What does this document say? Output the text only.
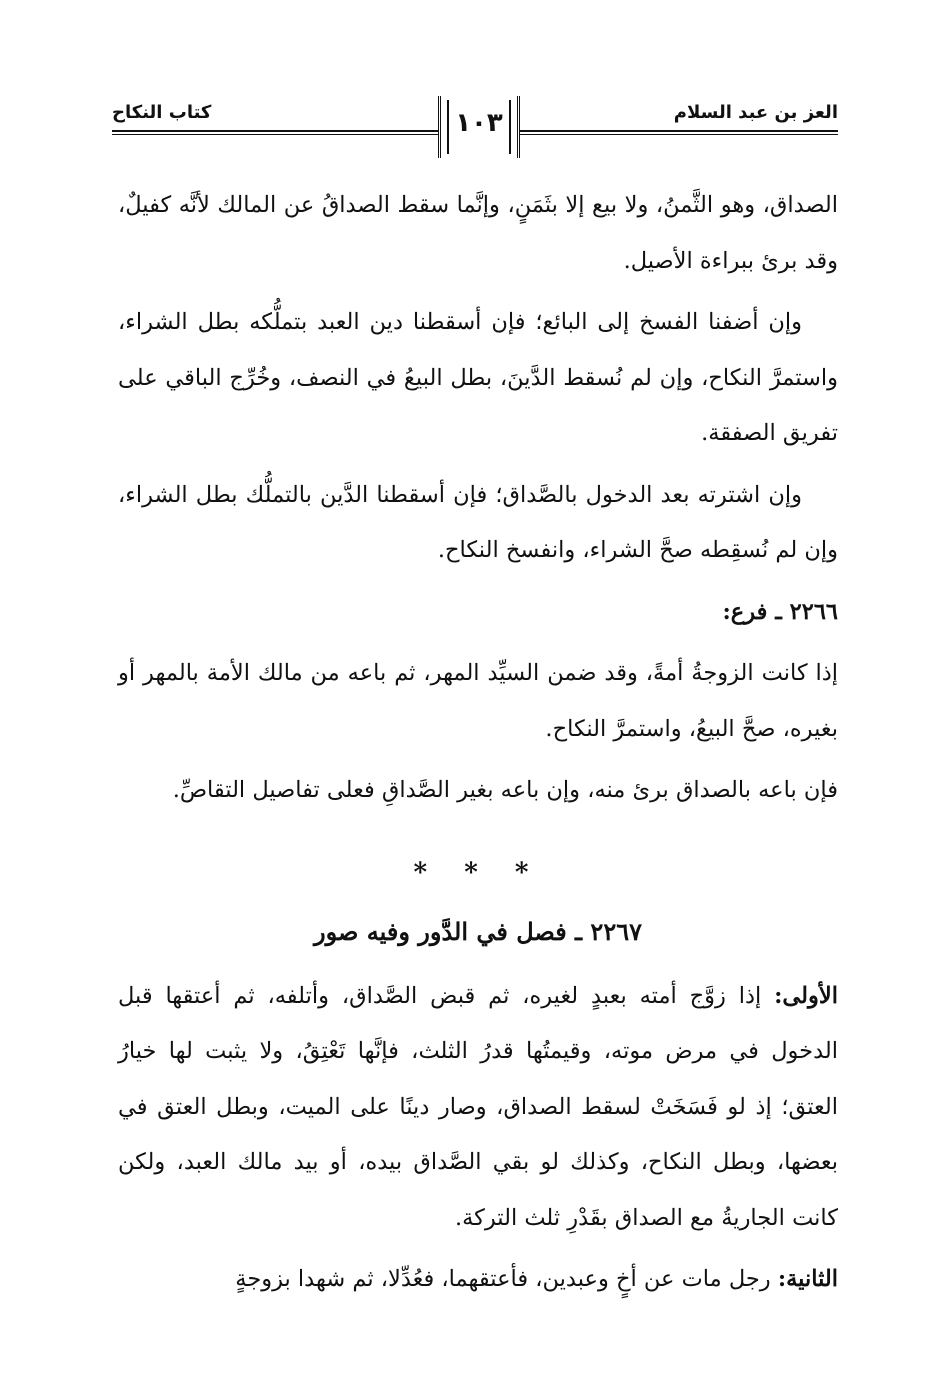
العز بن عبد السلام
كتاب النكاح	١٠٣

الصداق، وهو الثَّمنُ، ولا بيع إلا بثَمَنٍ، وإنَّما سقط الصداقُ عن المالك لأنَّه كفيلٌ، وقد برئ ببراءة الأصيل.

وإن أضفنا الفسخ إلى البائع؛ فإن أسقطنا دين العبد بتملُّكه بطل الشراء، واستمرَّ النكاح، وإن لم نُسقط الدَّينَ، بطل البيعُ في النصف، وخُرِّج الباقي على تفريق الصفقة.

وإن اشترته بعد الدخول بالصَّداق؛ فإن أسقطنا الدَّين بالتملُّك بطل الشراء، وإن لم نُسقِطه صحَّ الشراء، وانفسخ النكاح.

٢٢٦٦ ـ فرع:

إذا كانت الزوجةُ أمةً، وقد ضمن السيِّد المهر، ثم باعه من مالك الأمة بالمهر أو بغيره، صحَّ البيعُ، واستمرَّ النكاح.

فإن باعه بالصداق برئ منه، وإن باعه بغير الصَّداقِ فعلى تفاصيل التقاصِّ.

* * *

٢٢٦٧ ـ فصل في الدَّور وفيه صور

الأولى: إذا زوَّج أمته بعبدٍ لغيره، ثم قبض الصَّداق، وأتلفه، ثم أعتقها قبل الدخول في مرض موته، وقيمتُها قدرُ الثلث، فإنَّها تَعْتِقُ، ولا يثبت لها خيارُ العتق؛ إذ لو فَسَخَتْ لسقط الصداق، وصار دينًا على الميت، وبطل العتق في بعضها، وبطل النكاح، وكذلك لو بقي الصَّداق بيده، أو بيد مالك العبد، ولكن كانت الجاريةُ مع الصداق بقَدْرِ ثلث التركة.

الثانية: رجل مات عن أخٍ وعبدين، فأعتقهما، فعُدِّلا، ثم شهدا بزوجةٍ
